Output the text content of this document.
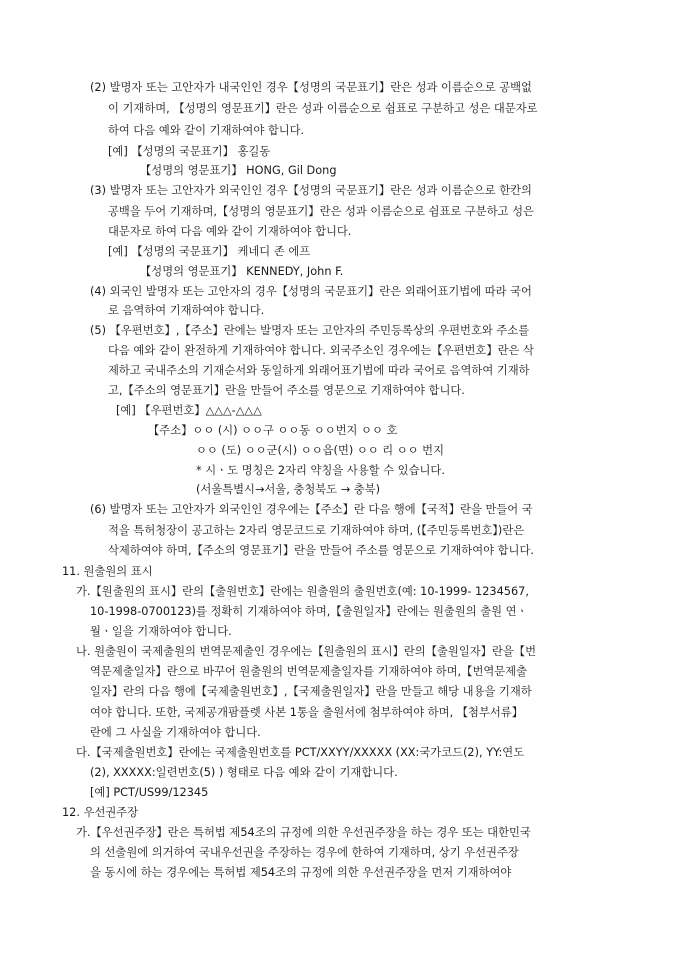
(2) 발명자 또는 고안자가 내국인인 경우【성명의 국문표기】란은 성과 이름순으로 공백없
이 기재하며, 【성명의 영문표기】란은 성과 이름순으로 쉼표로 구분하고 성은 대문자로
하여 다음 예와 같이 기재하여야 합니다.
[예] 【성명의 국문표기】 홍길동
【성명의 영문표기】 HONG, Gil Dong
(3) 발명자 또는 고안자가 외국인인 경우【성명의 국문표기】란은 성과 이름순으로 한칸의
공백을 두어 기재하며,【성명의 영문표기】란은 성과 이름순으로 쉼표로 구분하고 성은
대문자로 하여 다음 예와 같이 기재하여야 합니다.
[예] 【성명의 국문표기】 케네디 존 에프
【성명의 영문표기】 KENNEDY, John F.
(4) 외국인 발명자 또는 고안자의 경우【성명의 국문표기】란은 외래어표기법에 따라 국어
로 음역하여 기재하여야 합니다.
(5) 【우편번호】,【주소】란에는 발명자 또는 고안자의 주민등록상의 우편번호와 주소를
다음 예와 같이 완전하게 기재하여야 합니다. 외국주소인 경우에는【우편번호】란은 삭
제하고 국내주소의 기재순서와 동일하게 외래어표기법에 따라 국어로 음역하여 기재하
고,【주소의 영문표기】란을 만들어 주소를 영문으로 기재하여야 합니다.
[예] 【우편번호】△△△-△△△
【주소】ㅇㅇ (시) ㅇㅇ구 ㅇㅇ동 ㅇㅇ번지 ㅇㅇ 호
ㅇㅇ (도) ㅇㅇ군(시) ㅇㅇ읍(면) ㅇㅇ 리 ㅇㅇ 번지
* 시ㆍ도 명칭은 2자리 약칭을 사용할 수 있습니다.
(서울특별시→서울, 충청북도 → 충북)
(6) 발명자 또는 고안자가 외국인인 경우에는【주소】란 다음 행에【국적】란을 만들어 국
적을 특허청장이 공고하는 2자리 영문코드로 기재하여야 하며, (【주민등록번호】)란은
삭제하여야 하며,【주소의 영문표기】란을 만들어 주소를 영문으로 기재하여야 합니다.
11. 원출원의 표시
가.【원출원의 표시】란의【출원번호】란에는 원출원의 출원번호(예: 10-1999- 1234567,
10-1998-0700123)를 정확히 기재하여야 하며,【출원일자】란에는 원출원의 출원 연ㆍ
월ㆍ일을 기재하여야 합니다.
나. 원출원이 국제출원의 번역문제출인 경우에는【원출원의 표시】란의【출원일자】란을【번
역문제출일자】란으로 바꾸어 원출원의 번역문제출일자를 기재하여야 하며,【번역문제출
일자】란의 다음 행에【국제출원번호】,【국제출원일자】란을 만들고 해당 내용을 기재하
여야 합니다. 또한, 국제공개팜플렛 사본 1통을 출원서에 첨부하여야 하며, 【첨부서류】
란에 그 사실을 기재하여야 합니다.
다.【국제출원번호】란에는 국제출원번호를 PCT/XXYY/XXXXX (XX:국가코드(2), YY:연도
(2), XXXXX:일련번호(5) ) 형태로 다음 예와 같이 기재합니다.
[예] PCT/US99/12345
12. 우선권주장
가.【우선권주장】란은 특허법 제54조의 규정에 의한 우선권주장을 하는 경우 또는 대한민국
의 선출원에 의거하여 국내우선권을 주장하는 경우에 한하여 기재하며, 상기 우선권주장
을 동시에 하는 경우에는 특허법 제54조의 규정에 의한 우선권주장을 먼저 기재하여야
